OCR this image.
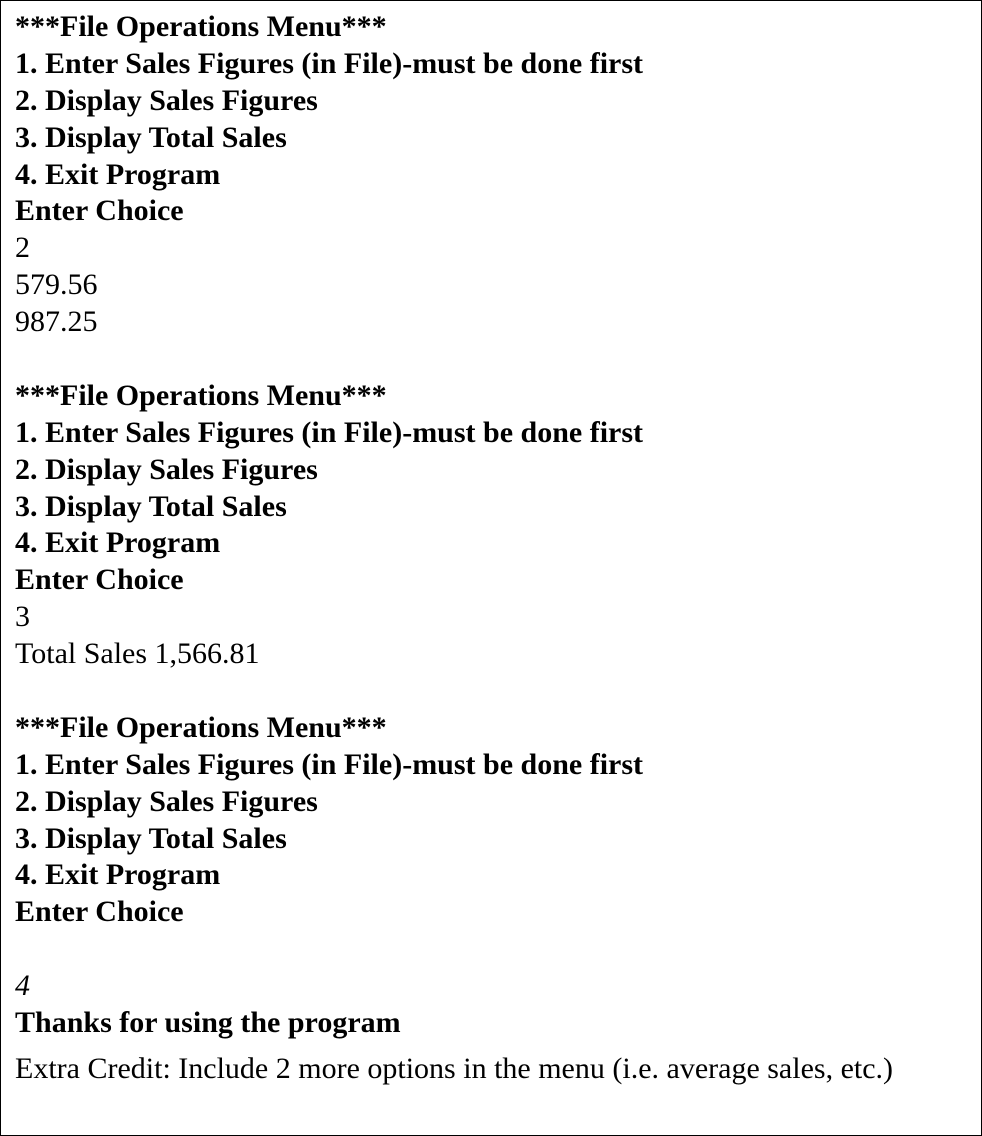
***File Operations Menu***
1. Enter Sales Figures (in File)-must be done first
2. Display Sales Figures
3. Display Total Sales
4. Exit Program
Enter Choice
2
579.56
987.25
***File Operations Menu***
1. Enter Sales Figures (in File)-must be done first
2. Display Sales Figures
3. Display Total Sales
4. Exit Program
Enter Choice
3
Total Sales 1,566.81
***File Operations Menu***
1. Enter Sales Figures (in File)-must be done first
2. Display Sales Figures
3. Display Total Sales
4. Exit Program
Enter Choice
4
Thanks for using the program
Extra Credit: Include 2 more options in the menu (i.e. average sales, etc.)
